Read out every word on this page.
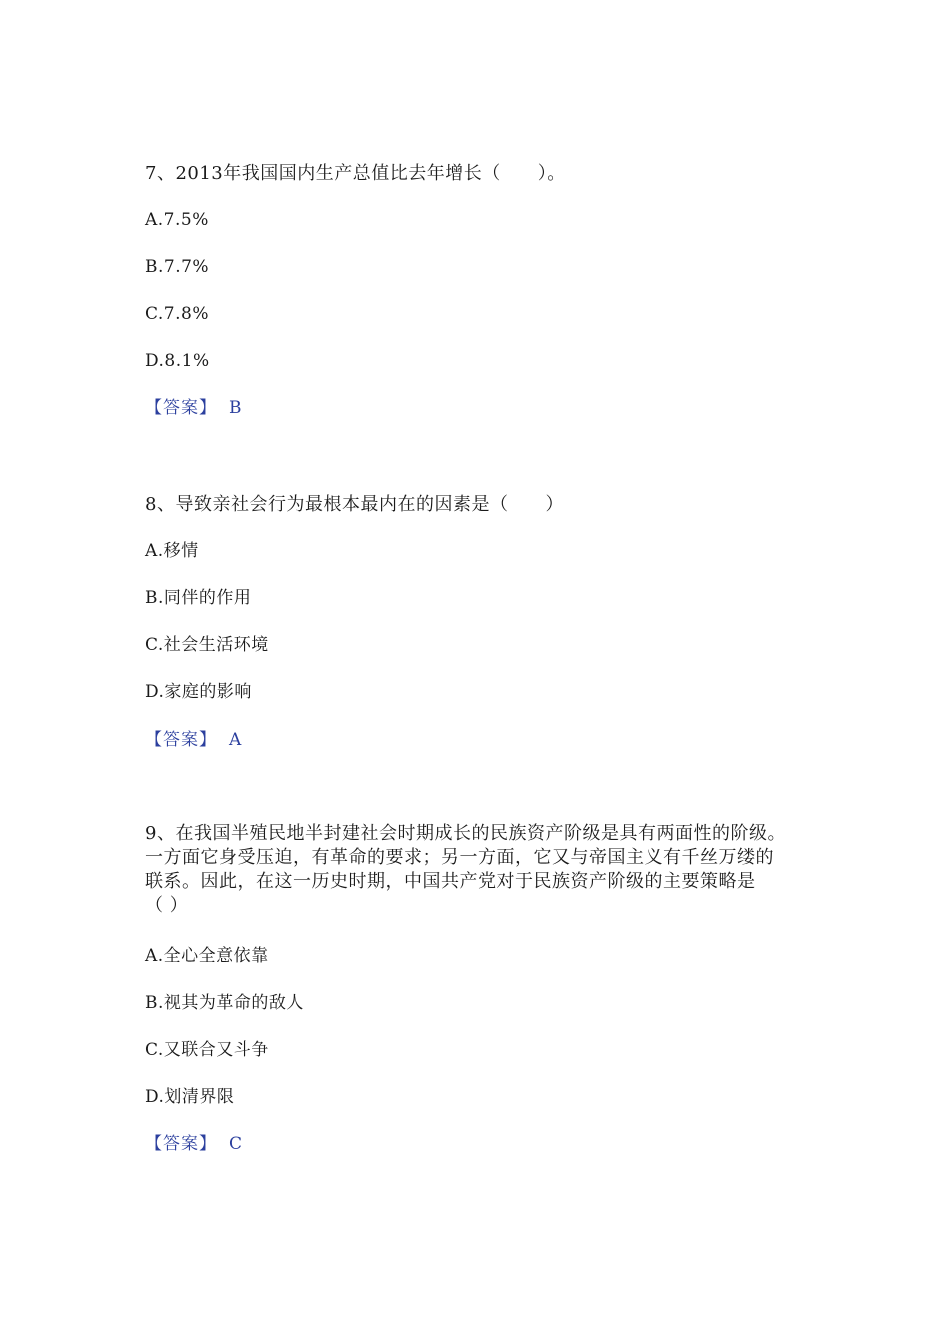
7、2013年我国国内生产总值比去年增长（　　）。

A.7.5%

B.7.7%

C.7.8%

D.8.1%

【答案】 B

8、导致亲社会行为最根本最内在的因素是（　　）

A.移情

B.同伴的作用

C.社会生活环境

D.家庭的影响

【答案】 A

9、在我国半殖民地半封建社会时期成长的民族资产阶级是具有两面性的阶级。

一方面它身受压迫，有革命的要求；另一方面，它又与帝国主义有千丝万缕的

联系。因此，在这一历史时期，中国共产党对于民族资产阶级的主要策略是

（ ）

A.全心全意依靠

B.视其为革命的敌人

C.又联合又斗争

D.划清界限

【答案】 C
